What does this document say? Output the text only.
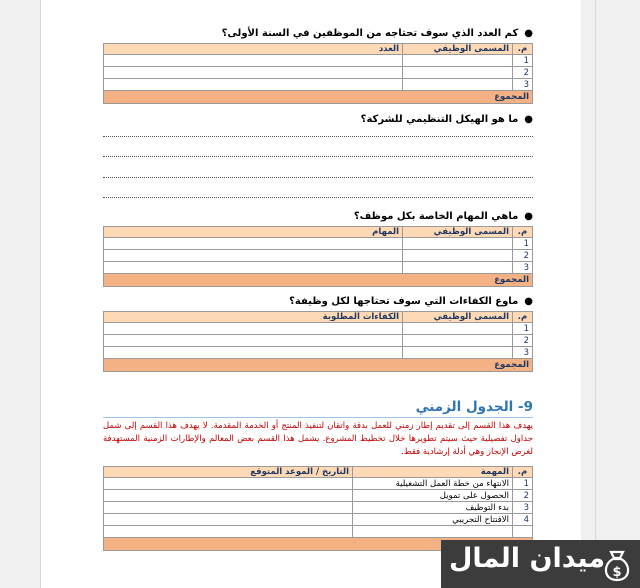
●كم العدد الذي سوف تحتاجه من الموظفين في السنة الأولى؟
م.	المسمى الوظيفي	العدد
1		
2		
3		
المجموع		
●ما هو الهيكل التنظيمي للشركة؟
●ماهي المهام الخاصة بكل موظف؟
م.	المسمى الوظيفي	المهام
1		
2		
3		
المجموع		
●ماوع الكفاءات التي سوف تحتاجها لكل وظيفة؟
م.	المسمى الوظيفي	الكفاءات المطلوبة
1		
2		
3		
المجموع		
9- الجدول الزمني
يهدف هذا القسم إلى تقديم إطار زمني للعمل بدقة واتقان لتنفيذ المنتج أو الخدمة المقدمة. لا يهدف هذا القسم إلى شمل جداول تفصيلية حيث سيتم تطويرها خلال تخطيط المشروع. يشمل هذا القسم بعض المعالم والإطارات الزمنية المستهدفة لغرض الإنجاز وهي أدلة إرشادية فقط.
م.	المهمة	التاريخ / الموعد المتوقع
1	الانتهاء من خطة العمل التشغيلية	
2	الحصول على تمويل	
3	بدء التوظيف	
4	الافتتاح التجريبي	

ميدان المال $
